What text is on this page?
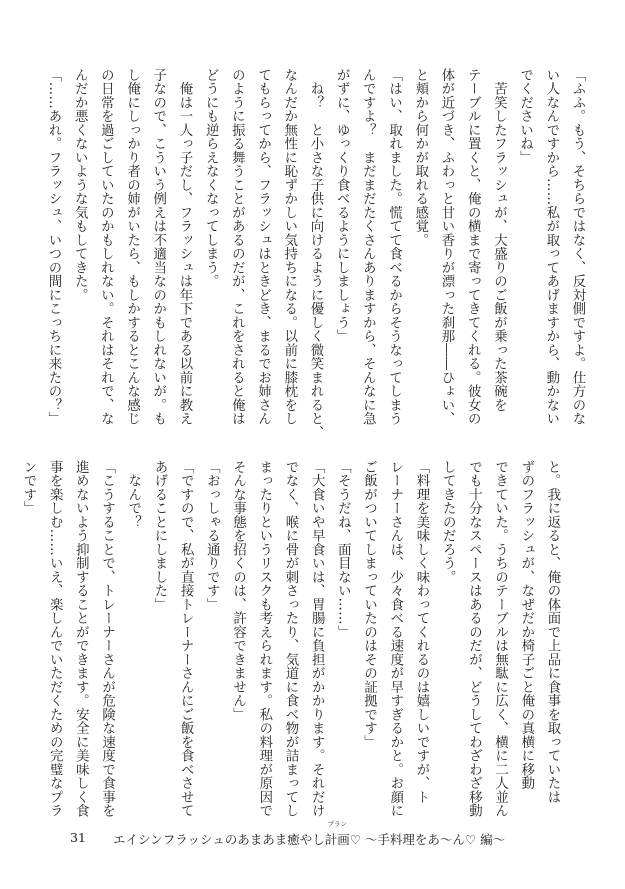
「ふふ。もう、そちらではなく、反対側ですよ。仕方のな
い人なんですから……私が取ってあげますから、動かない
でくださいね」
　苦笑したフラッシュが、大盛りのご飯が乗った茶碗を
テーブルに置くと、俺の横まで寄ってきてくれる。彼女の
体が近づき、ふわっと甘い香りが漂った刹那――ひょい、
と頬から何かが取れる感覚。
「はい、取れました。慌てて食べるからそうなってしまう
んですよ？　まだまだたくさんありますから、そんなに急
がずに、ゆっくり食べるようにしましょう」
　ね？　と小さな子供に向けるように優しく微笑まれると、
なんだか無性に恥ずかしい気持ちになる。以前に膝枕をし
てもらってから、フラッシュはときどき、まるでお姉さん
のように振る舞うことがあるのだが、これをされると俺は
どうにも逆らえなくなってしまう。
　俺は一人っ子だし、フラッシュは年下である以前に教え
子なので、こういう例えは不適当なのかもしれないが。も
し俺にしっかり者の姉がいたら、もしかするとこんな感じ
の日常を過ごしていたのかもしれない。それはそれで、な
んだか悪くないような気もしてきた。
「……あれ。フラッシュ、いつの間にこっちに来たの？」
と。我に返ると、俺の体面で上品に食事を取っていたは
ずのフラッシュが、なぜだか椅子ごと俺の真横に移動
できていた。うちのテーブルは無駄に広く、横に二人並ん
でも十分なスペースはあるのだが、どうしてわざわざ移動
してきたのだろう。
「料理を美味しく味わってくれるのは嬉しいですが、ト
レーナーさんは、少々食べる速度が早すぎるかと。お顔に
ご飯がついてしまっていたのはその証拠です」
「そうだね、面目ない……」
「大食いや早食いは、胃腸に負担がかかります。それだけ
でなく、喉に骨が刺さったり、気道に食べ物が詰まってし
まったりというリスクも考えられます。私の料理が原因で
そんな事態を招くのは、許容できません」
「おっしゃる通りです」
「ですので、私が直接トレーナーさんにご飯を食べさせて
あげることにしました」
　なんで？
「こうすることで、トレーナーさんが危険な速度で食事を
進めないよう抑制することができます。安全に美味しく食
事を楽しむ……いえ、楽しんでいただくための完璧なプラ
ンです」
31 エイシンフラッシュのあまあま癒やし計画
プラン
♡ ～手料理をあ～ん♡ 編～
